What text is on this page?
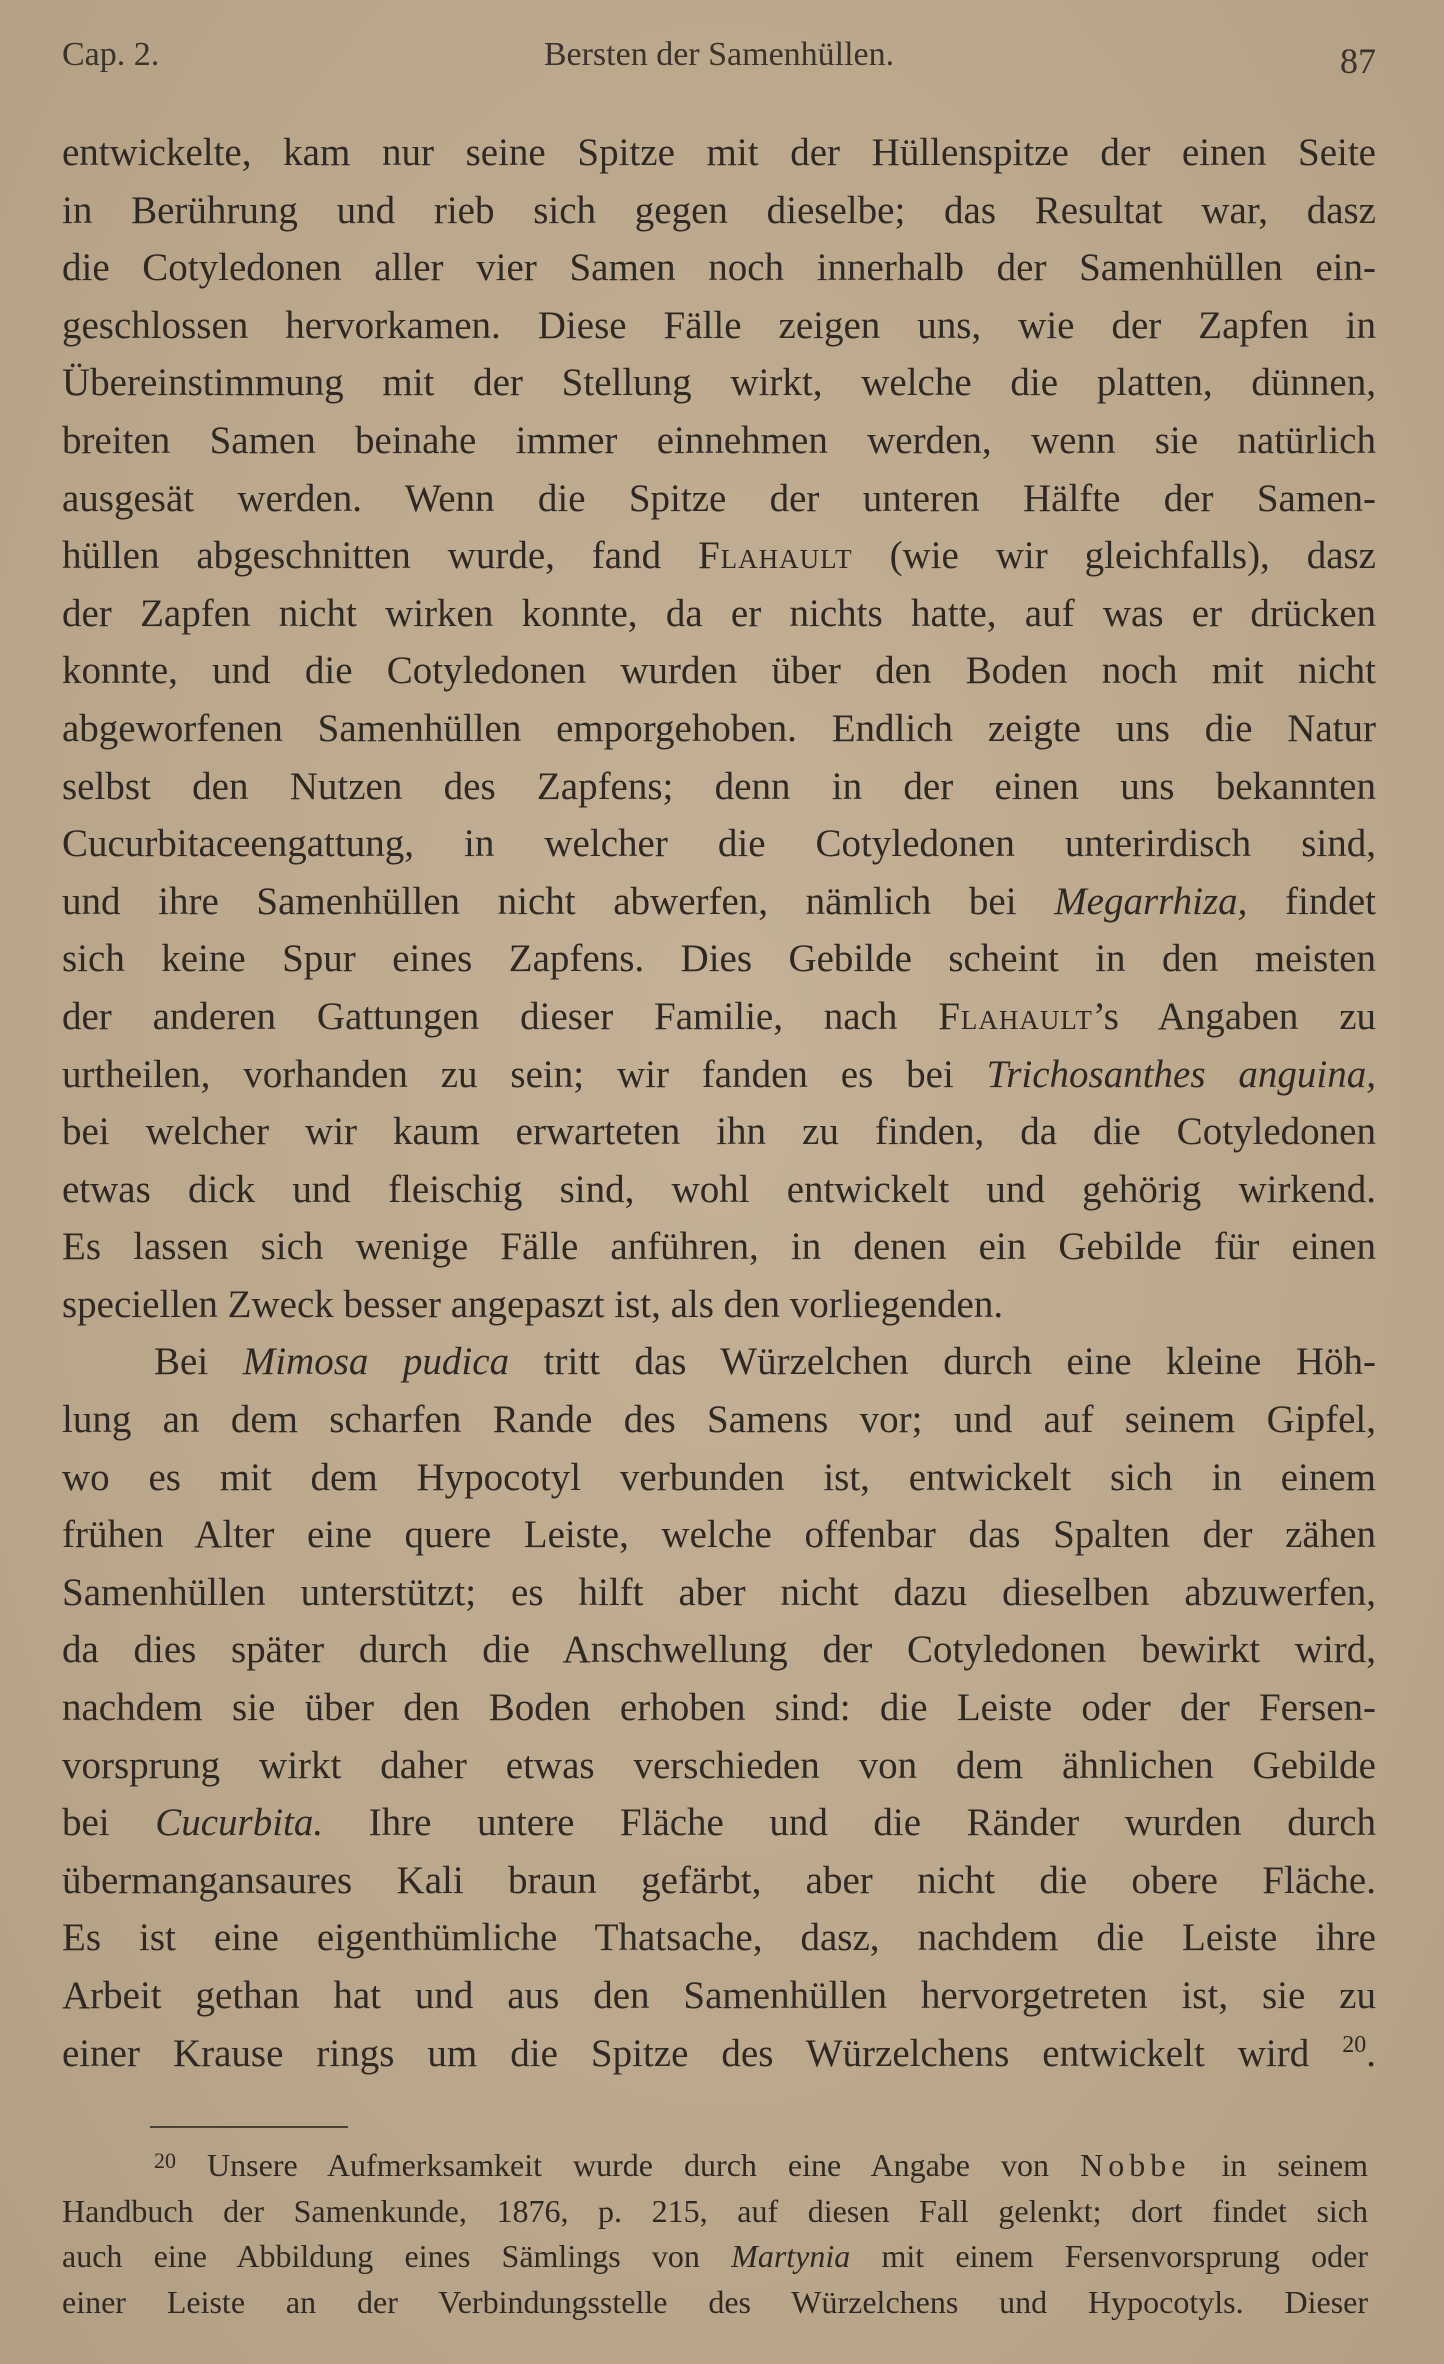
Cap. 2.	Bersten der Samenhüllen.	87
entwickelte, kam nur seine Spitze mit der Hüllenspitze der einen Seite
in Berührung und rieb sich gegen dieselbe; das Resultat war, dasz
die Cotyledonen aller vier Samen noch innerhalb der Samenhüllen ein-
geschlossen hervorkamen. Diese Fälle zeigen uns, wie der Zapfen in
Übereinstimmung mit der Stellung wirkt, welche die platten, dünnen,
breiten Samen beinahe immer einnehmen werden, wenn sie natürlich
ausgesät werden. Wenn die Spitze der unteren Hälfte der Samen-
hüllen abgeschnitten wurde, fand Flahault (wie wir gleichfalls), dasz
der Zapfen nicht wirken konnte, da er nichts hatte, auf was er drücken
konnte, und die Cotyledonen wurden über den Boden noch mit nicht
abgeworfenen Samenhüllen emporgehoben. Endlich zeigte uns die Natur
selbst den Nutzen des Zapfens; denn in der einen uns bekannten
Cucurbitaceengattung, in welcher die Cotyledonen unterirdisch sind,
und ihre Samenhüllen nicht abwerfen, nämlich bei Megarrhiza, findet
sich keine Spur eines Zapfens. Dies Gebilde scheint in den meisten
der anderen Gattungen dieser Familie, nach Flahault’s Angaben zu
urtheilen, vorhanden zu sein; wir fanden es bei Trichosanthes anguina,
bei welcher wir kaum erwarteten ihn zu finden, da die Cotyledonen
etwas dick und fleischig sind, wohl entwickelt und gehörig wirkend.
Es lassen sich wenige Fälle anführen, in denen ein Gebilde für einen
speciellen Zweck besser angepaszt ist, als den vorliegenden.
Bei Mimosa pudica tritt das Würzelchen durch eine kleine Höh-
lung an dem scharfen Rande des Samens vor; und auf seinem Gipfel,
wo es mit dem Hypocotyl verbunden ist, entwickelt sich in einem
frühen Alter eine quere Leiste, welche offenbar das Spalten der zähen
Samenhüllen unterstützt; es hilft aber nicht dazu dieselben abzuwerfen,
da dies später durch die Anschwellung der Cotyledonen bewirkt wird,
nachdem sie über den Boden erhoben sind: die Leiste oder der Fersen-
vorsprung wirkt daher etwas verschieden von dem ähnlichen Gebilde
bei Cucurbita. Ihre untere Fläche und die Ränder wurden durch
übermangansaures Kali braun gefärbt, aber nicht die obere Fläche.
Es ist eine eigenthümliche Thatsache, dasz, nachdem die Leiste ihre
Arbeit gethan hat und aus den Samenhüllen hervorgetreten ist, sie zu
einer Krause rings um die Spitze des Würzelchens entwickelt wird $^{20}$.
$^{20}$ Unsere Aufmerksamkeit wurde durch eine Angabe von Nobbe in seinem
Handbuch der Samenkunde, 1876, p. 215, auf diesen Fall gelenkt; dort findet sich
auch eine Abbildung eines Sämlings von Martynia mit einem Fersenvorsprung oder
einer Leiste an der Verbindungsstelle des Würzelchens und Hypocotyls. Dieser
